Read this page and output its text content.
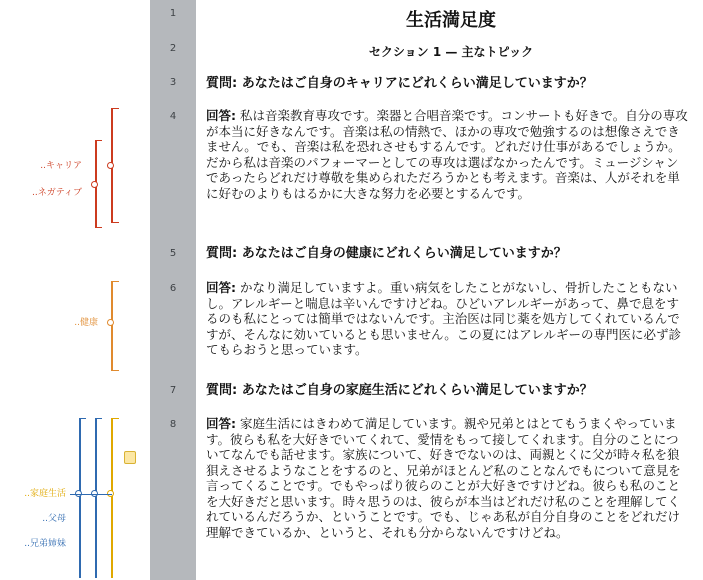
..キャリア
..ネガティブ
..健康
..家庭生活
..父母
..兄弟姉妹
1
2
3
4
5
6
7
8
生活満足度
セクション 1 — 主なトピック
質問: あなたはご自身のキャリアにどれくらい満足していますか？
回答: 私は音楽教育専攻です。楽器と合唱音楽です。コンサートも好きで。自分の専攻が本当に好きなんです。音楽は私の情熱で、ほかの専攻で勉強するのは想像さえできません。でも、音楽は私を恐れさせもするんです。どれだけ仕事があるでしょうか。だから私は音楽のパフォーマーとしての専攻は選ばなかったんです。ミュージシャンであったらどれだけ尊敬を集められただろうかとも考えます。音楽は、人がそれを単に好むのよりもはるかに大きな努力を必要とするんです。
質問: あなたはご自身の健康にどれくらい満足していますか？
回答: かなり満足していますよ。重い病気をしたことがないし、骨折したこともないし。アレルギーと喘息は辛いんですけどね。ひどいアレルギーがあって、鼻で息をするのも私にとっては簡単ではないんです。主治医は同じ薬を処方してくれているんですが、そんなに効いているとも思いません。この夏にはアレルギーの専門医に必ず診てもらおうと思っています。
質問: あなたはご自身の家庭生活にどれくらい満足していますか？
回答: 家庭生活にはきわめて満足しています。親や兄弟とはとてもうまくやっています。彼らも私を大好きでいてくれて、愛情をもって接してくれます。自分のことについてなんでも話せます。家族について、好きでないのは、両親とくに父が時々私を狼狽えさせるようなことをするのと、兄弟がほとんど私のことなんでもについて意見を言ってくることです。でもやっぱり彼らのことが大好きですけどね。彼らも私のことを大好きだと思います。時々思うのは、彼らが本当はどれだけ私のことを理解してくれているんだろうか、ということです。でも、じゃあ私が自分自身のことをどれだけ理解できているか、というと、それも分からないんですけどね。
